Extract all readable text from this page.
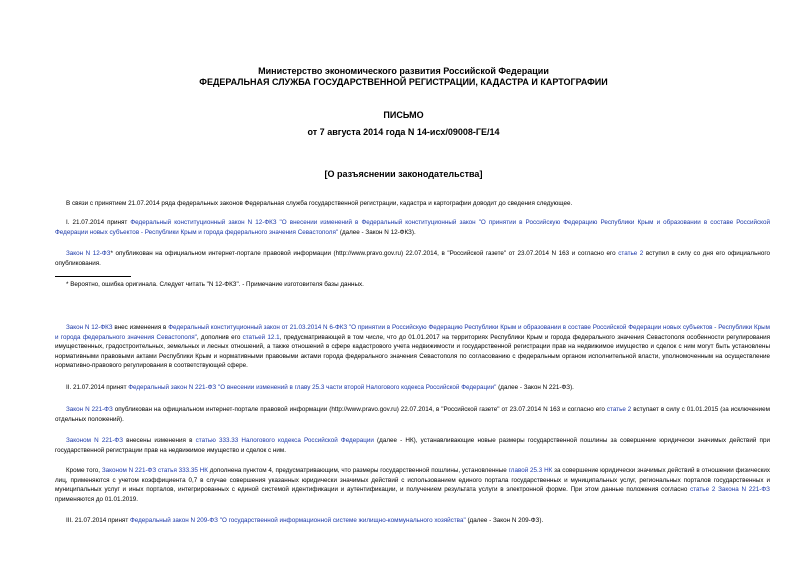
Министерство экономического развития Российской Федерации
ФЕДЕРАЛЬНАЯ СЛУЖБА ГОСУДАРСТВЕННОЙ РЕГИСТРАЦИИ, КАДАСТРА И КАРТОГРАФИИ
ПИСЬМО
от 7 августа 2014 года N 14-исх/09008-ГЕ/14
[О разъяснении законодательства]
В связи с принятием 21.07.2014 ряда федеральных законов Федеральная служба государственной регистрации, кадастра и картографии доводит до сведения следующее.
I. 21.07.2014 принят Федеральный конституционный закон N 12-ФКЗ "О внесении изменений в Федеральный конституционный закон "О принятии в Российскую Федерацию Республики Крым и образовании в составе Российской Федерации новых субъектов - Республики Крым и города федерального значения Севастополя" (далее - Закон N 12-ФКЗ).
Закон N 12-ФЗ* опубликован на официальном интернет-портале правовой информации (http://www.pravo.gov.ru) 22.07.2014, в "Российской газете" от 23.07.2014 N 163 и согласно его статье 2 вступил в силу со дня его официального опубликования.
* Вероятно, ошибка оригинала. Следует читать "N 12-ФКЗ". - Примечание изготовителя базы данных.
Закон N 12-ФКЗ внес изменения в Федеральный конституционный закон от 21.03.2014 N 6-ФКЗ "О принятии в Российскую Федерацию Республики Крым и образовании в составе Российской Федерации новых субъектов - Республики Крым и города федерального значения Севастополя", дополнив его статьей 12.1, предусматривающей в том числе, что до 01.01.2017 на территориях Республики Крым и города федерального значения Севастополя особенности регулирования имущественных, градостроительных, земельных и лесных отношений, а также отношений в сфере кадастрового учета недвижимости и государственной регистрации прав на недвижимое имущество и сделок с ним могут быть установлены нормативными правовыми актами Республики Крым и нормативными правовыми актами города федерального значения Севастополя по согласованию с федеральным органом исполнительной власти, уполномоченным на осуществление нормативно-правового регулирования в соответствующей сфере.
II. 21.07.2014 принят Федеральный закон N 221-ФЗ "О внесении изменений в главу 25.3 части второй Налогового кодекса Российской Федерации" (далее - Закон N 221-ФЗ).
Закон N 221-ФЗ опубликован на официальном интернет-портале правовой информации (http://www.pravo.gov.ru) 22.07.2014, в "Российской газете" от 23.07.2014 N 163 и согласно его статье 2 вступает в силу с 01.01.2015 (за исключением отдельных положений).
Законом N 221-ФЗ внесены изменения в статью 333.33 Налогового кодекса Российской Федерации (далее - НК), устанавливающие новые размеры государственной пошлины за совершение юридически значимых действий при государственной регистрации прав на недвижимое имущество и сделок с ним.
Кроме того, Законом N 221-ФЗ статья 333.35 НК дополнена пунктом 4, предусматривающим, что размеры государственной пошлины, установленные главой 25.3 НК за совершение юридически значимых действий в отношении физических лиц, применяются с учетом коэффициента 0,7 в случае совершения указанных юридически значимых действий с использованием единого портала государственных и муниципальных услуг, региональных порталов государственных и муниципальных услуг и иных порталов, интегрированных с единой системой идентификации и аутентификации, и получением результата услуги в электронной форме. При этом данные положения согласно статье 2 Закона N 221-ФЗ применяются до 01.01.2019.
III. 21.07.2014 принят Федеральный закон N 209-ФЗ "О государственной информационной системе жилищно-коммунального хозяйства" (далее - Закон N 209-ФЗ).
